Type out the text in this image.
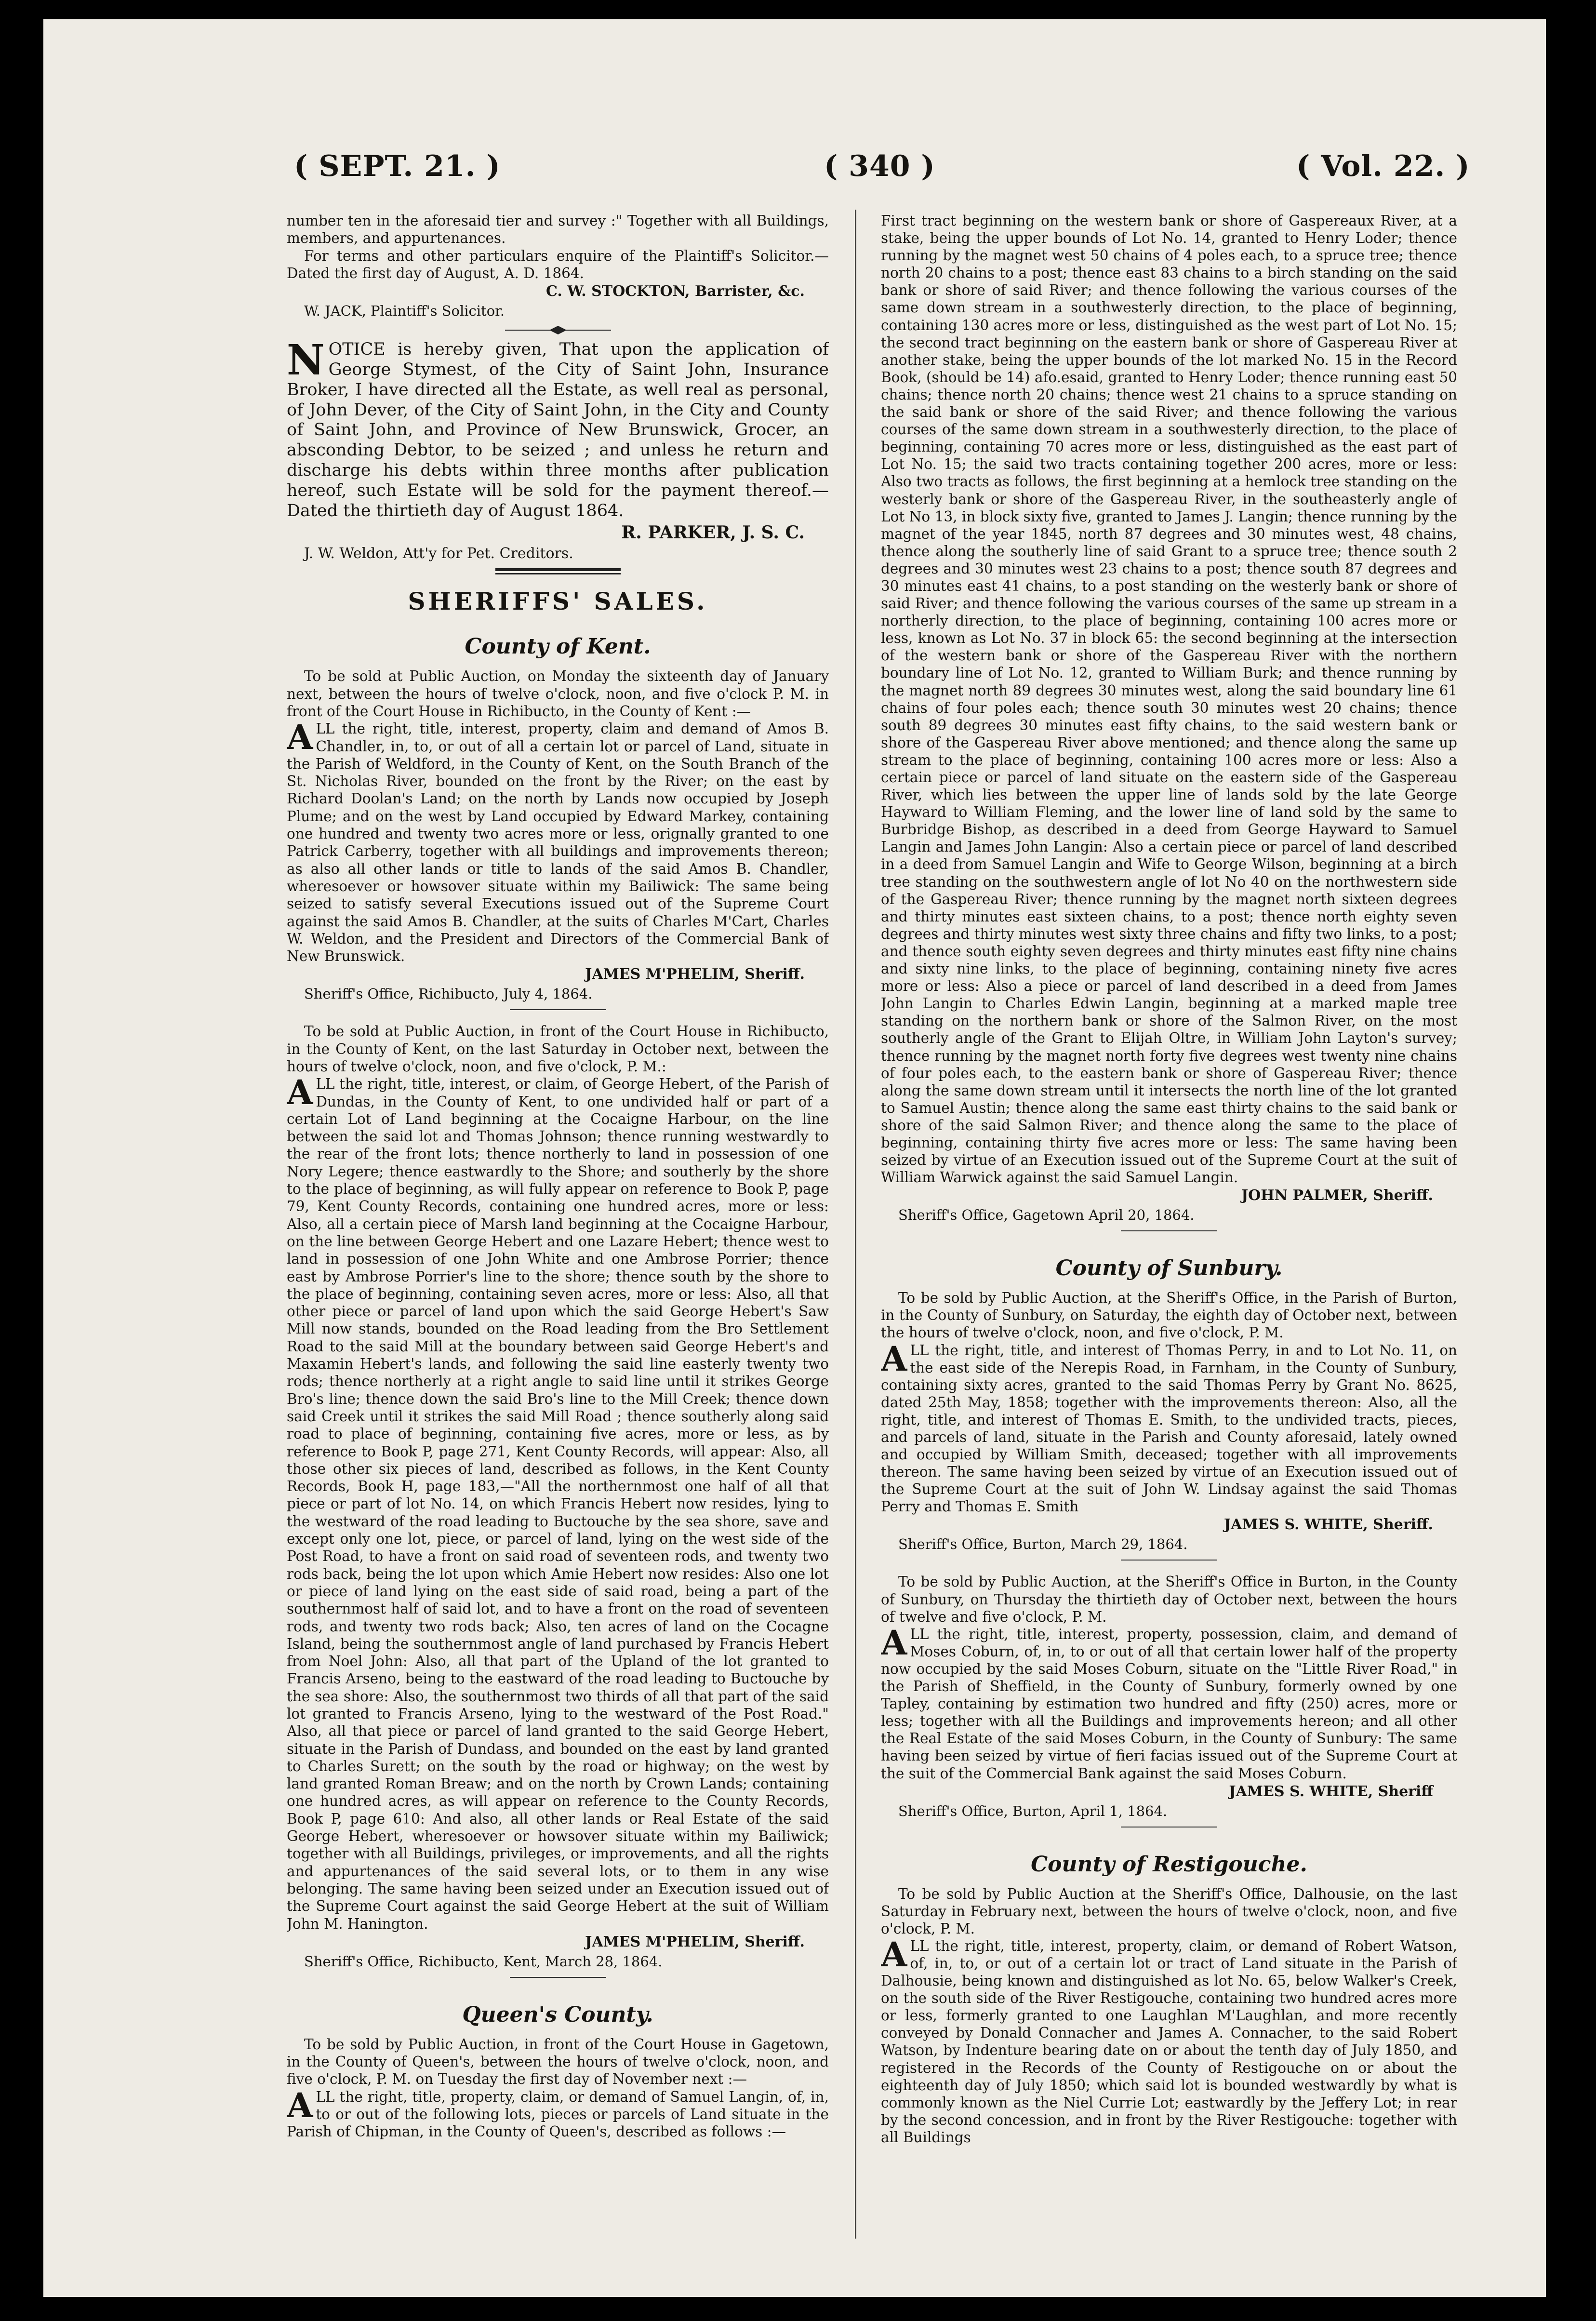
( SEPT. 21. )	( 340 )	( Vol. 22. )

number ten in the aforesaid tier and survey :" Together with all Buildings, members, and appurtenances.

For terms and other particulars enquire of the Plaintiff's Solicitor.—Dated the first day of August, A. D. 1864.

C. W. STOCKTON, Barrister, &c.

W. JACK, Plaintiff's Solicitor.

N OTICE is hereby given, That upon the application of George Stymest, of the City of Saint John, Insurance Broker, I have directed all the Estate, as well real as personal, of John Dever, of the City of Saint John, in the City and County of Saint John, and Province of New Brunswick, Grocer, an absconding Debtor, to be seized ; and unless he return and discharge his debts within three months after publication hereof, such Estate will be sold for the payment thereof.—Dated the thirtieth day of August 1864.

R. PARKER, J. S. C.

J. W. Weldon, Att'y for Pet. Creditors.

SHERIFFS' SALES.

County of Kent.

To be sold at Public Auction, on Monday the sixteenth day of January next, between the hours of twelve o'clock, noon, and five o'clock P. M. in front of the Court House in Richibucto, in the County of Kent :—

A LL the right, title, interest, property, claim and demand of Amos B. Chandler, in, to, or out of all a certain lot or parcel of Land, situate in the Parish of Weldford, in the County of Kent, on the South Branch of the St. Nicholas River, bounded on the front by the River; on the east by Richard Doolan's Land; on the north by Lands now occupied by Joseph Plume; and on the west by Land occupied by Edward Markey, containing one hundred and twenty two acres more or less, orignally granted to one Patrick Carberry, together with all buildings and improvements thereon; as also all other lands or title to lands of the said Amos B. Chandler, wheresoever or howsover situate within my Bailiwick: The same being seized to satisfy several Executions issued out of the Supreme Court against the said Amos B. Chandler, at the suits of Charles M'Cart, Charles W. Weldon, and the President and Directors of the Commercial Bank of New Brunswick.

JAMES M'PHELIM, Sheriff.

Sheriff's Office, Richibucto, July 4, 1864.

To be sold at Public Auction, in front of the Court House in Richibucto, in the County of Kent, on the last Saturday in October next, between the hours of twelve o'clock, noon, and five o'clock, P. M.:

A LL the right, title, interest, or claim, of George Hebert, of the Parish of Dundas, in the County of Kent, to one undivided half or part of a certain Lot of Land beginning at the Cocaigne Harbour, on the line between the said lot and Thomas Johnson; thence running westwardly to the rear of the front lots; thence northerly to land in possession of one Nory Legere; thence eastwardly to the Shore; and southerly by the shore to the place of beginning, as will fully appear on reference to Book P, page 79, Kent County Records, containing one hundred acres, more or less: Also, all a certain piece of Marsh land beginning at the Cocaigne Harbour, on the line between George Hebert and one Lazare Hebert; thence west to land in possession of one John White and one Ambrose Porrier; thence east by Ambrose Porrier's line to the shore; thence south by the shore to the place of beginning, containing seven acres, more or less: Also, all that other piece or parcel of land upon which the said George Hebert's Saw Mill now stands, bounded on the Road leading from the Bro Settlement Road to the said Mill at the boundary between said George Hebert's and Maxamin Hebert's lands, and following the said line easterly twenty two rods; thence northerly at a right angle to said line until it strikes George Bro's line; thence down the said Bro's line to the Mill Creek; thence down said Creek until it strikes the said Mill Road ; thence southerly along said road to place of beginning, containing five acres, more or less, as by reference to Book P, page 271, Kent County Records, will appear: Also, all those other six pieces of land, described as follows, in the Kent County Records, Book H, page 183,—"All the northernmost one half of all that piece or part of lot No. 14, on which Francis Hebert now resides, lying to the westward of the road leading to Buctouche by the sea shore, save and except only one lot, piece, or parcel of land, lying on the west side of the Post Road, to have a front on said road of seventeen rods, and twenty two rods back, being the lot upon which Amie Hebert now resides: Also one lot or piece of land lying on the east side of said road, being a part of the southernmost half of said lot, and to have a front on the road of seventeen rods, and twenty two rods back; Also, ten acres of land on the Cocagne Island, being the southernmost angle of land purchased by Francis Hebert from Noel John: Also, all that part of the Upland of the lot granted to Francis Arseno, being to the eastward of the road leading to Buctouche by the sea shore: Also, the southernmost two thirds of all that part of the said lot granted to Francis Arseno, lying to the westward of the Post Road." Also, all that piece or parcel of land granted to the said George Hebert, situate in the Parish of Dundass, and bounded on the east by land granted to Charles Surett; on the south by the road or highway; on the west by land granted Roman Breaw; and on the north by Crown Lands; containing one hundred acres, as will appear on reference to the County Records, Book P, page 610: And also, all other lands or Real Estate of the said George Hebert, wheresoever or howsover situate within my Bailiwick; together with all Buildings, privileges, or improvements, and all the rights and appurtenances of the said several lots, or to them in any wise belonging. The same having been seized under an Execution issued out of the Supreme Court against the said George Hebert at the suit of William John M. Hanington.

JAMES M'PHELIM, Sheriff.

Sheriff's Office, Richibucto, Kent, March 28, 1864.

Queen's County.

To be sold by Public Auction, in front of the Court House in Gagetown, in the County of Queen's, between the hours of twelve o'clock, noon, and five o'clock, P. M. on Tuesday the first day of November next :—

A LL the right, title, property, claim, or demand of Samuel Langin, of, in, to or out of the following lots, pieces or parcels of Land situate in the Parish of Chipman, in the County of Queen's, described as follows :—

First tract beginning on the western bank or shore of Gaspereaux River, at a stake, being the upper bounds of Lot No. 14, granted to Henry Loder; thence running by the magnet west 50 chains of 4 poles each, to a spruce tree; thence north 20 chains to a post; thence east 83 chains to a birch standing on the said bank or shore of said River; and thence following the various courses of the same down stream in a southwesterly direction, to the place of beginning, containing 130 acres more or less, distinguished as the west part of Lot No. 15; the second tract beginning on the eastern bank or shore of Gaspereau River at another stake, being the upper bounds of the lot marked No. 15 in the Record Book, (should be 14) afo.esaid, granted to Henry Loder; thence running east 50 chains; thence north 20 chains; thence west 21 chains to a spruce standing on the said bank or shore of the said River; and thence following the various courses of the same down stream in a southwesterly direction, to the place of beginning, containing 70 acres more or less, distinguished as the east part of Lot No. 15; the said two tracts containing together 200 acres, more or less: Also two tracts as follows, the first beginning at a hemlock tree standing on the westerly bank or shore of the Gaspereau River, in the southeasterly angle of Lot No 13, in block sixty five, granted to James J. Langin; thence running by the magnet of the year 1845, north 87 degrees and 30 minutes west, 48 chains, thence along the southerly line of said Grant to a spruce tree; thence south 2 degrees and 30 minutes west 23 chains to a post; thence south 87 degrees and 30 minutes east 41 chains, to a post standing on the westerly bank or shore of said River; and thence following the various courses of the same up stream in a northerly direction, to the place of beginning, containing 100 acres more or less, known as Lot No. 37 in block 65: the second beginning at the intersection of the western bank or shore of the Gaspereau River with the northern boundary line of Lot No. 12, granted to William Burk; and thence running by the magnet north 89 degrees 30 minutes west, along the said boundary line 61 chains of four poles each; thence south 30 minutes west 20 chains; thence south 89 degrees 30 minutes east fifty chains, to the said western bank or shore of the Gaspereau River above mentioned; and thence along the same up stream to the place of beginning, containing 100 acres more or less: Also a certain piece or parcel of land situate on the eastern side of the Gaspereau River, which lies between the upper line of lands sold by the late George Hayward to William Fleming, and the lower line of land sold by the same to Burbridge Bishop, as described in a deed from George Hayward to Samuel Langin and James John Langin: Also a certain piece or parcel of land described in a deed from Samuel Langin and Wife to George Wilson, beginning at a birch tree standing on the southwestern angle of lot No 40 on the northwestern side of the Gaspereau River; thence running by the magnet north sixteen degrees and thirty minutes east sixteen chains, to a post; thence north eighty seven degrees and thirty minutes west sixty three chains and fifty two links, to a post; and thence south eighty seven degrees and thirty minutes east fifty nine chains and sixty nine links, to the place of beginning, containing ninety five acres more or less: Also a piece or parcel of land described in a deed from James John Langin to Charles Edwin Langin, beginning at a marked maple tree standing on the northern bank or shore of the Salmon River, on the most southerly angle of the Grant to Elijah Oltre, in William John Layton's survey; thence running by the magnet north forty five degrees west twenty nine chains of four poles each, to the eastern bank or shore of Gaspereau River; thence along the same down stream until it intersects the north line of the lot granted to Samuel Austin; thence along the same east thirty chains to the said bank or shore of the said Salmon River; and thence along the same to the place of beginning, containing thirty five acres more or less: The same having been seized by virtue of an Execution issued out of the Supreme Court at the suit of William Warwick against the said Samuel Langin.

JOHN PALMER, Sheriff.

Sheriff's Office, Gagetown April 20, 1864.

County of Sunbury.

To be sold by Public Auction, at the Sheriff's Office, in the Parish of Burton, in the County of Sunbury, on Saturday, the eighth day of October next, between the hours of twelve o'clock, noon, and five o'clock, P. M.

A LL the right, title, and interest of Thomas Perry, in and to Lot No. 11, on the east side of the Nerepis Road, in Farnham, in the County of Sunbury, containing sixty acres, granted to the said Thomas Perry by Grant No. 8625, dated 25th May, 1858; together with the improvements thereon: Also, all the right, title, and interest of Thomas E. Smith, to the undivided tracts, pieces, and parcels of land, situate in the Parish and County aforesaid, lately owned and occupied by William Smith, deceased; together with all improvements thereon. The same having been seized by virtue of an Execution issued out of the Supreme Court at the suit of John W. Lindsay against the said Thomas Perry and Thomas E. Smith

JAMES S. WHITE, Sheriff.

Sheriff's Office, Burton, March 29, 1864.

To be sold by Public Auction, at the Sheriff's Office in Burton, in the County of Sunbury, on Thursday the thirtieth day of October next, between the hours of twelve and five o'clock, P. M.

A LL the right, title, interest, property, possession, claim, and demand of Moses Coburn, of, in, to or out of all that certain lower half of the property now occupied by the said Moses Coburn, situate on the "Little River Road," in the Parish of Sheffield, in the County of Sunbury, formerly owned by one Tapley, containing by estimation two hundred and fifty (250) acres, more or less; together with all the Buildings and improvements hereon; and all other the Real Estate of the said Moses Coburn, in the County of Sunbury: The same having been seized by virtue of fieri facias issued out of the Supreme Court at the suit of the Commercial Bank against the said Moses Coburn.

JAMES S. WHITE, Sheriff

Sheriff's Office, Burton, April 1, 1864.

County of Restigouche.

To be sold by Public Auction at the Sheriff's Office, Dalhousie, on the last Saturday in February next, between the hours of twelve o'clock, noon, and five o'clock, P. M.

A LL the right, title, interest, property, claim, or demand of Robert Watson, of, in, to, or out of a certain lot or tract of Land situate in the Parish of Dalhousie, being known and distinguished as lot No. 65, below Walker's Creek, on the south side of the River Restigouche, containing two hundred acres more or less, formerly granted to one Laughlan M'Laughlan, and more recently conveyed by Donald Connacher and James A. Connacher, to the said Robert Watson, by Indenture bearing date on or about the tenth day of July 1850, and registered in the Records of the County of Restigouche on or about the eighteenth day of July 1850; which said lot is bounded westwardly by what is commonly known as the Niel Currie Lot; eastwardly by the Jeffery Lot; in rear by the second concession, and in front by the River Restigouche: together with all Buildings
